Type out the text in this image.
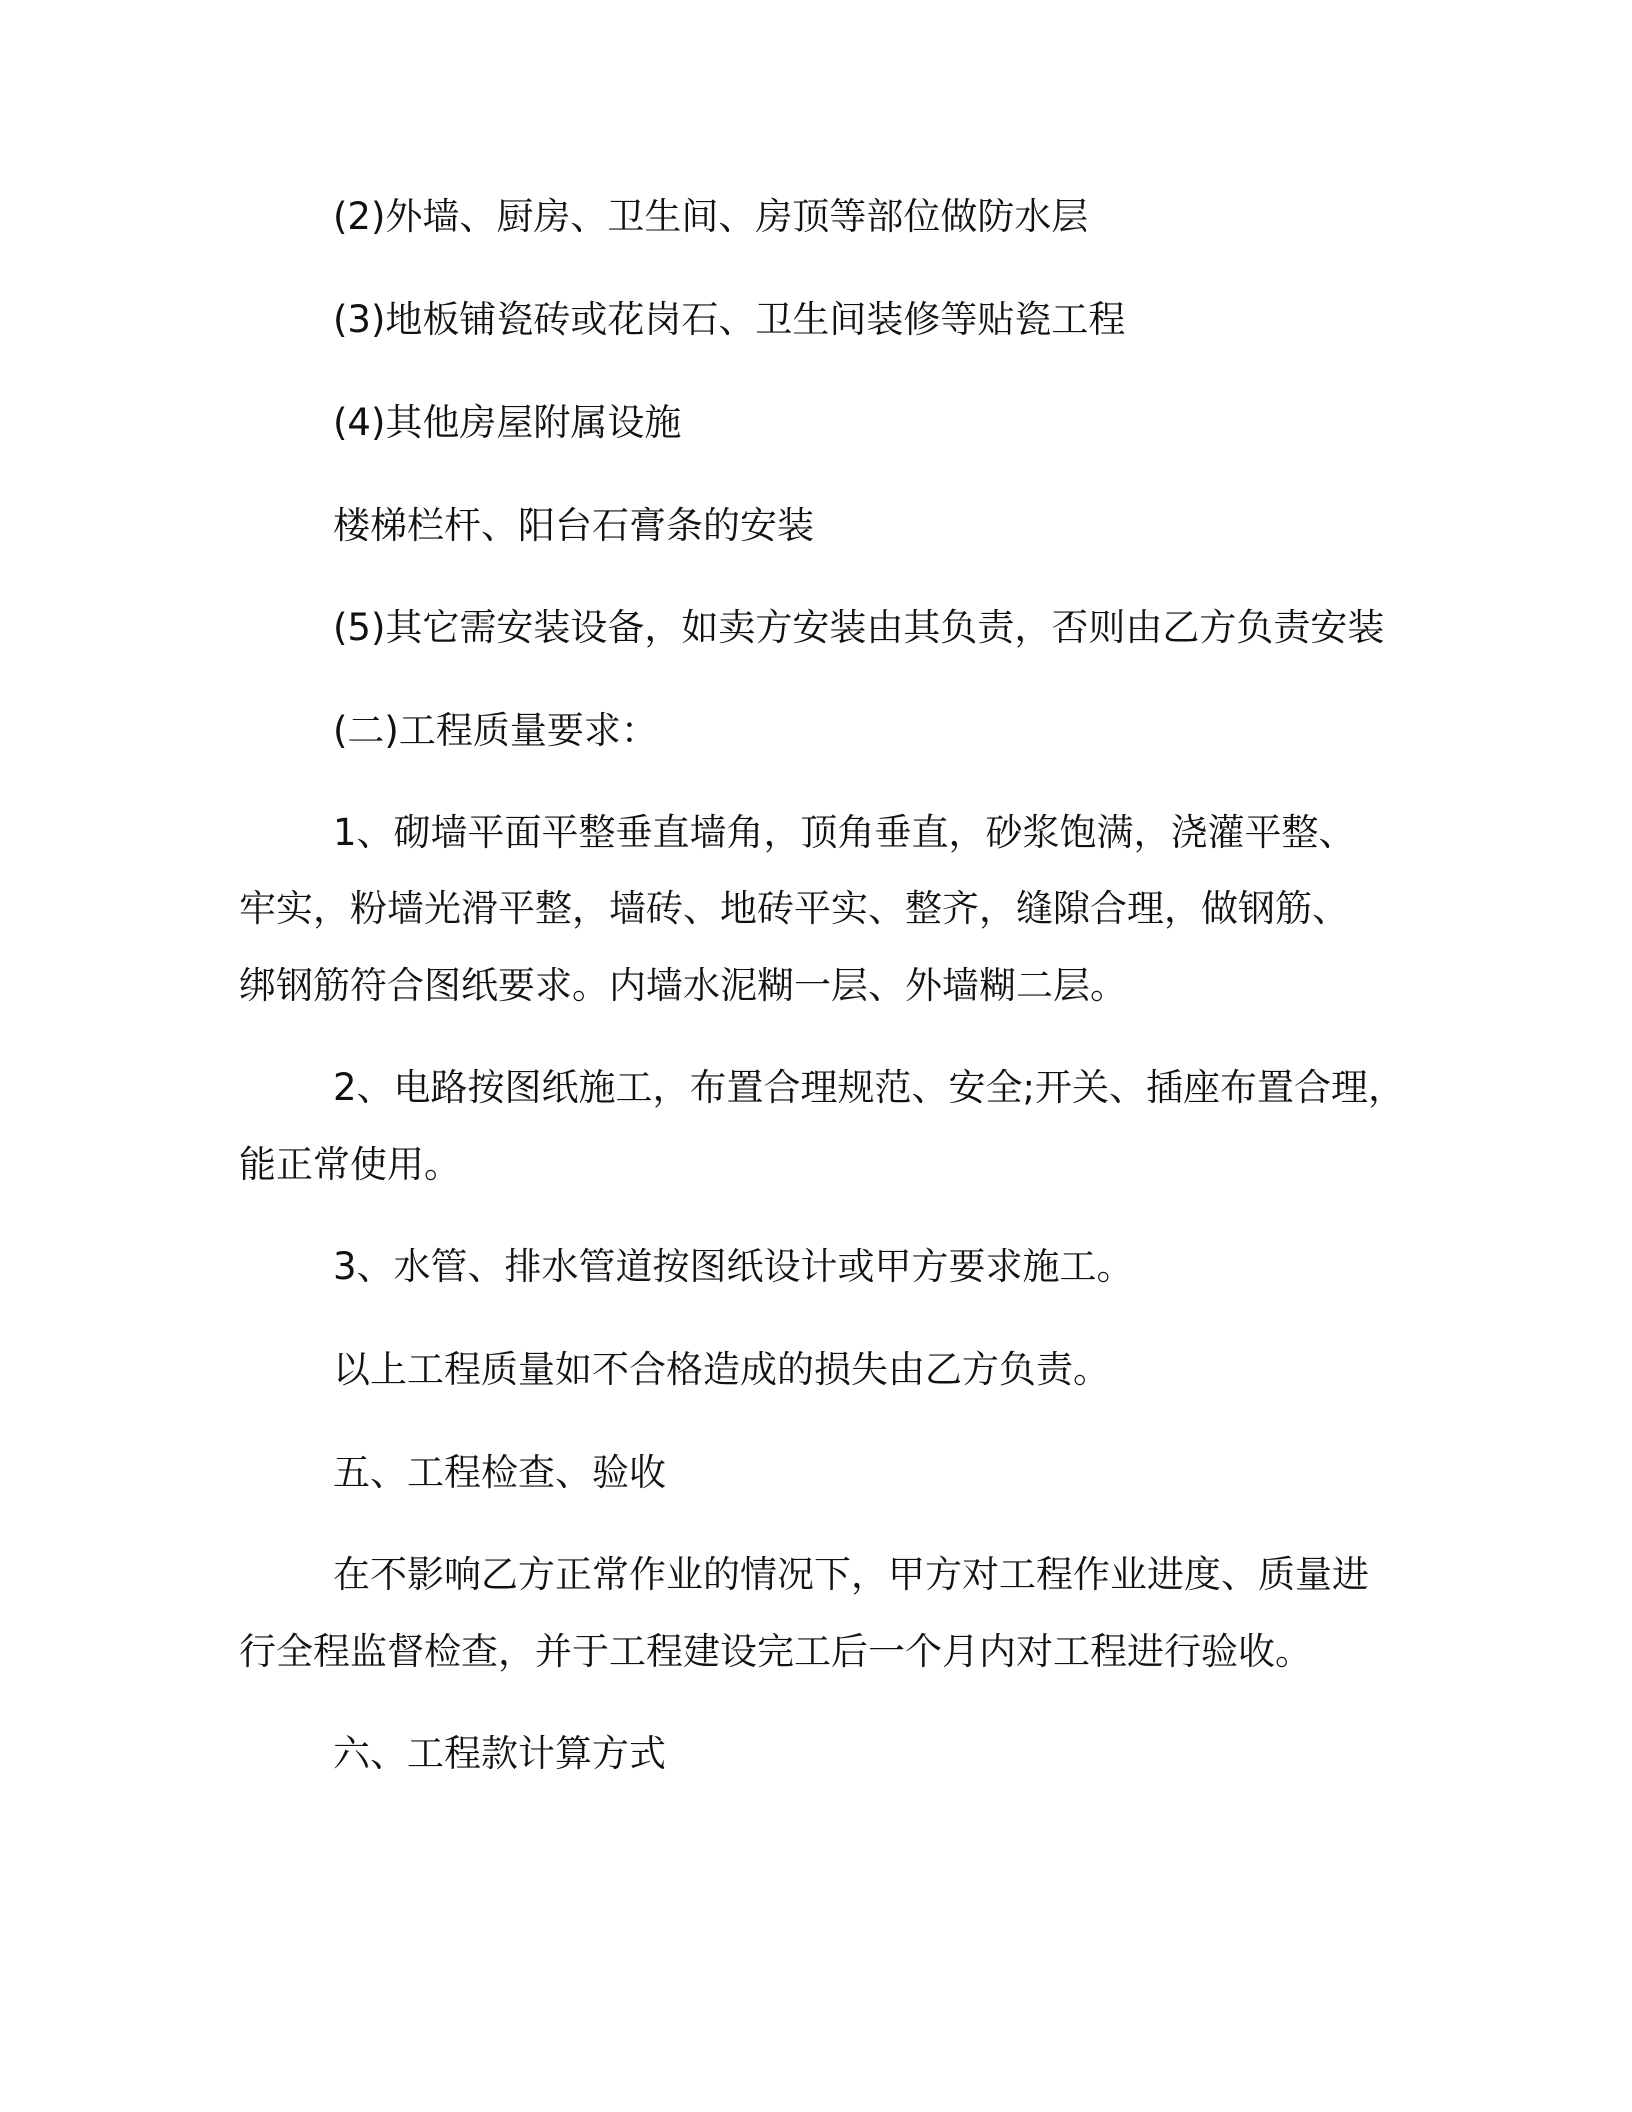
(2)外墙、厨房、卫生间、房顶等部位做防水层
(3)地板铺瓷砖或花岗石、卫生间装修等贴瓷工程
(4)其他房屋附属设施
楼梯栏杆、阳台石膏条的安装
(5)其它需安装设备，如卖方安装由其负责，否则由乙方负责安装
(二)工程质量要求：
1、砌墙平面平整垂直墙角，顶角垂直，砂浆饱满，浇灌平整、
牢实，粉墙光滑平整，墙砖、地砖平实、整齐，缝隙合理，做钢筋、
绑钢筋符合图纸要求。内墙水泥糊一层、外墙糊二层。
2、电路按图纸施工，布置合理规范、安全;开关、插座布置合理，
能正常使用。
3、水管、排水管道按图纸设计或甲方要求施工。
以上工程质量如不合格造成的损失由乙方负责。
五、工程检查、验收
在不影响乙方正常作业的情况下，甲方对工程作业进度、质量进
行全程监督检查，并于工程建设完工后一个月内对工程进行验收。
六、工程款计算方式
